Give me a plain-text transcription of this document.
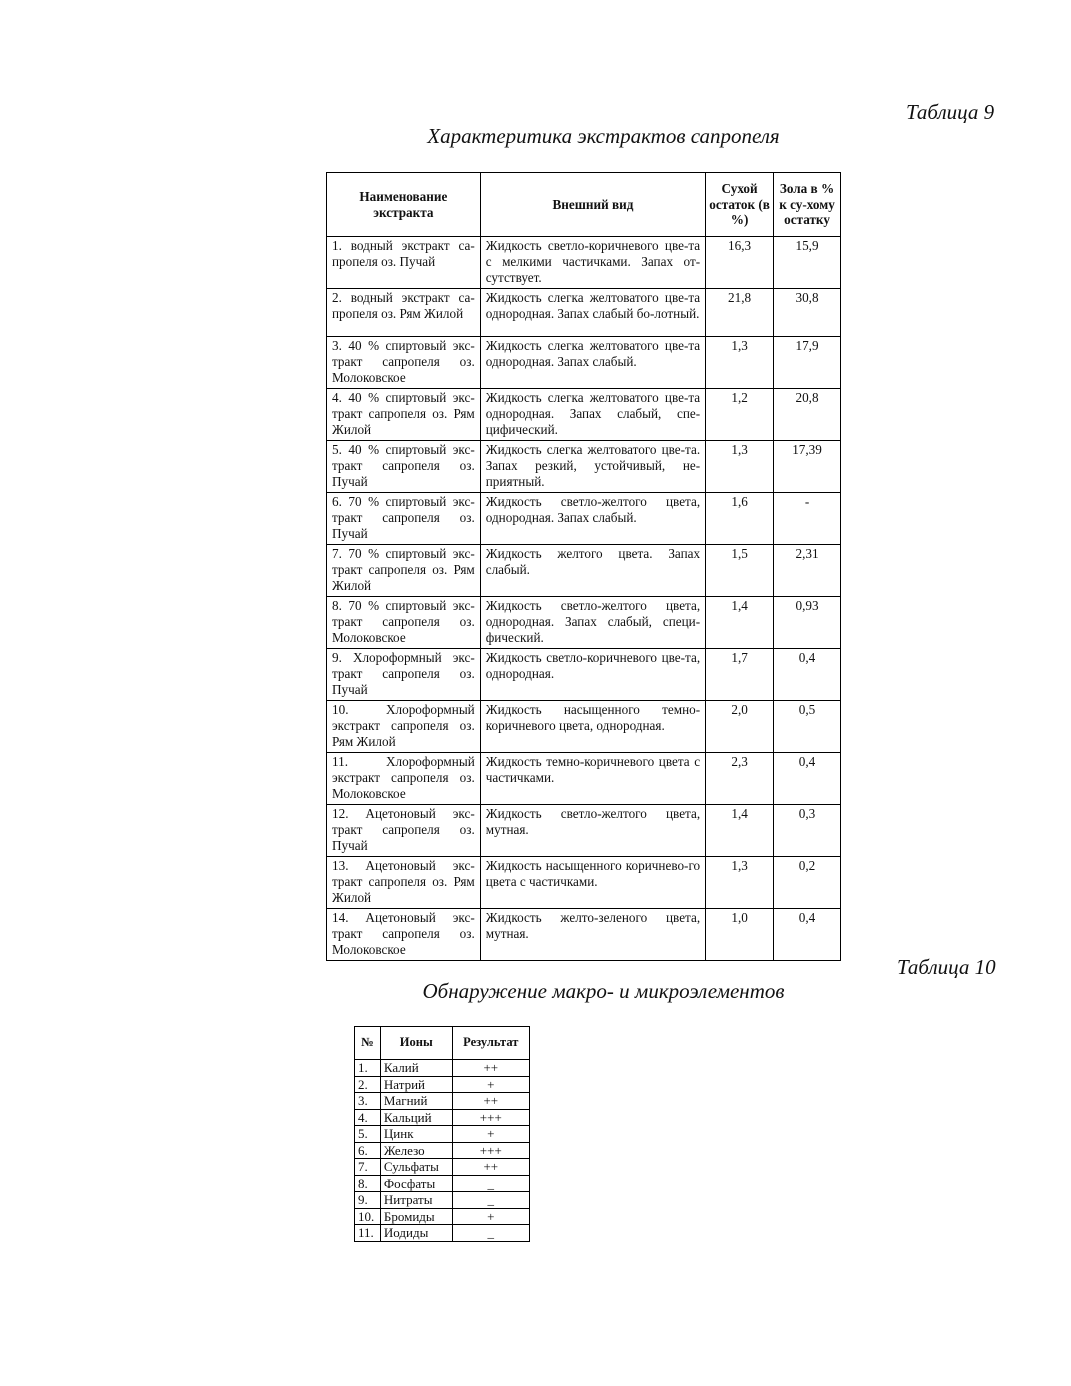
Таблица 9
Характеритика экстрактов сапропеля
Наименование экстракта	Внешний вид	Сухой остаток (в %)	Зола в % к су-хому остатку
1. водный экстракт са-пропеля оз. Пучай	Жидкость светло-коричневого цве-та с мелкими частичками. Запах от-сутствует.	16,3	15,9
2. водный экстракт са-пропеля оз. Рям Жилой	Жидкость слегка желтоватого цве-та однородная. Запах слабый бо-лотный.	21,8	30,8
3. 40 % спиртовый экс-тракт сапропеля оз. Молоковское	Жидкость слегка желтоватого цве-та однородная. Запах слабый.	1,3	17,9
4. 40 % спиртовый экс-тракт сапропеля оз. Рям Жилой	Жидкость слегка желтоватого цве-та однородная. Запах слабый, спе-цифический.	1,2	20,8
5. 40 % спиртовый экс-тракт сапропеля оз. Пучай	Жидкость слегка желтоватого цве-та. Запах резкий, устойчивый, не-приятный.	1,3	17,39
6. 70 % спиртовый экс-тракт сапропеля оз. Пучай	Жидкость светло-желтого цвета, однородная. Запах слабый.	1,6	-
7. 70 % спиртовый экс-тракт сапропеля оз. Рям Жилой	Жидкость желтого цвета. Запах слабый.	1,5	2,31
8. 70 % спиртовый экс-тракт сапропеля оз. Молоковское	Жидкость светло-желтого цвета, однородная. Запах слабый, специ-фический.	1,4	0,93
9. Хлороформный экс-тракт сапропеля оз. Пучай	Жидкость светло-коричневого цве-та, однородная.	1,7	0,4
10. Хлороформный экстракт сапропеля оз. Рям Жилой	Жидкость насыщенного темно-коричневого цвета, однородная.	2,0	0,5
11. Хлороформный экстракт сапропеля оз. Молоковское	Жидкость темно-коричневого цвета с частичками.	2,3	0,4
12. Ацетоновый экс-тракт сапропеля оз. Пучай	Жидкость светло-желтого цвета, мутная.	1,4	0,3
13. Ацетоновый экс-тракт сапропеля оз. Рям Жилой	Жидкость насыщенного коричнево-го цвета с частичками.	1,3	0,2
14. Ацетоновый экс-тракт сапропеля оз. Молоковское	Жидкость желто-зеленого цвета, мутная.	1,0	0,4
Таблица 10
Обнаружение макро- и микроэлементов
№	Ионы	Результат
1.	Калий	++
2.	Натрий	+
3.	Магний	++
4.	Кальций	+++
5.	Цинк	+
6.	Железо	+++
7.	Сульфаты	++
8.	Фосфаты	_
9.	Нитраты	_
10.	Бромиды	+
11.	Иодиды	_
